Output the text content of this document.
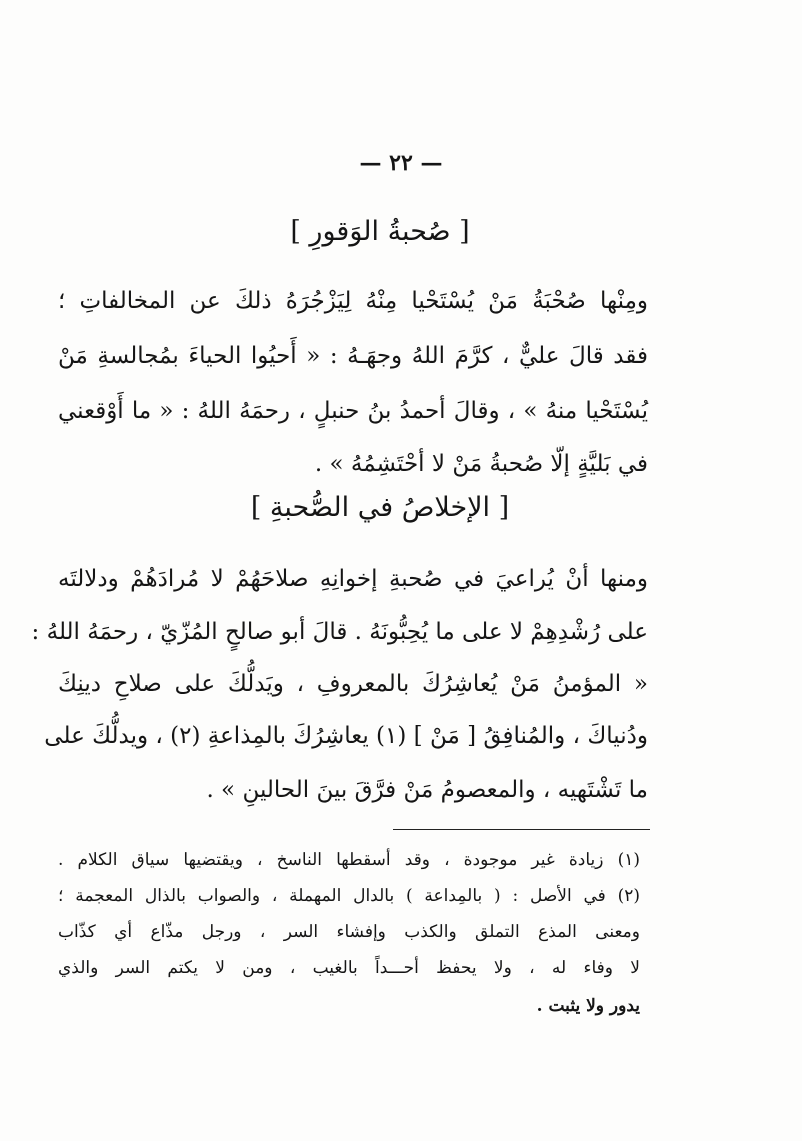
— ٢٢ —
[ صُحبةُ الوَقورِ ]
ومِنْها صُحْبَةُ مَنْ يُسْتَحْيا مِنْهُ لِيَزْجُرَهُ ذلكَ عن المخالفاتِ ؛
فقد قالَ عليٌّ ، كرَّمَ اللهُ وجهَـهُ : « أَحيُوا الحياءَ بمُجالسةِ مَنْ
يُسْتَحْيا منهُ » ، وقالَ أحمدُ بنُ حنبلٍ ، رحمَهُ اللهُ : « ما أَوْقعني
في بَليَّةٍ إلّا صُحبةُ مَنْ لا أحْتَشِمُهُ » .
[ الإخلاصُ في الصُّحبةِ ]
ومنها أنْ يُراعيَ في صُحبةِ إخوانِهِ صلاحَهُمْ لا مُرادَهُمْ ودلالتَه
على رُشْدِهِمْ لا على ما يُحِبُّونَهُ . قالَ أبو صالحٍ المُزّيّ ، رحمَهُ اللهُ :
« المؤمنُ مَنْ يُعاشِرُكَ بالمعروفِ ، ويَدلُّكَ على صلاحِ دينِكَ
ودُنياكَ ، والمُنافِقُ [ مَنْ ] (١) يعاشِرُكَ بالمِذاعةِ (٢) ، ويدلُّكَ على
ما تَشْتَهيه ، والمعصومُ مَنْ فرَّقَ بينَ الحالينِ » .
(١) زيادة غير موجودة ، وقد أسقطها الناسخ ، ويقتضيها سياق الكلام .
(٢) في الأصل : ( بالمِداعة ) بالدال المهملة ، والصواب بالذال المعجمة ؛
ومعنى المذع التملق والكذب وإفشاء السر ، ورجل مذّاع أي كذّاب
لا وفاء له ، ولا يحفظ أحـــداً بالغيب ، ومن لا يكتم السر والذي
يدور ولا يثبت .
